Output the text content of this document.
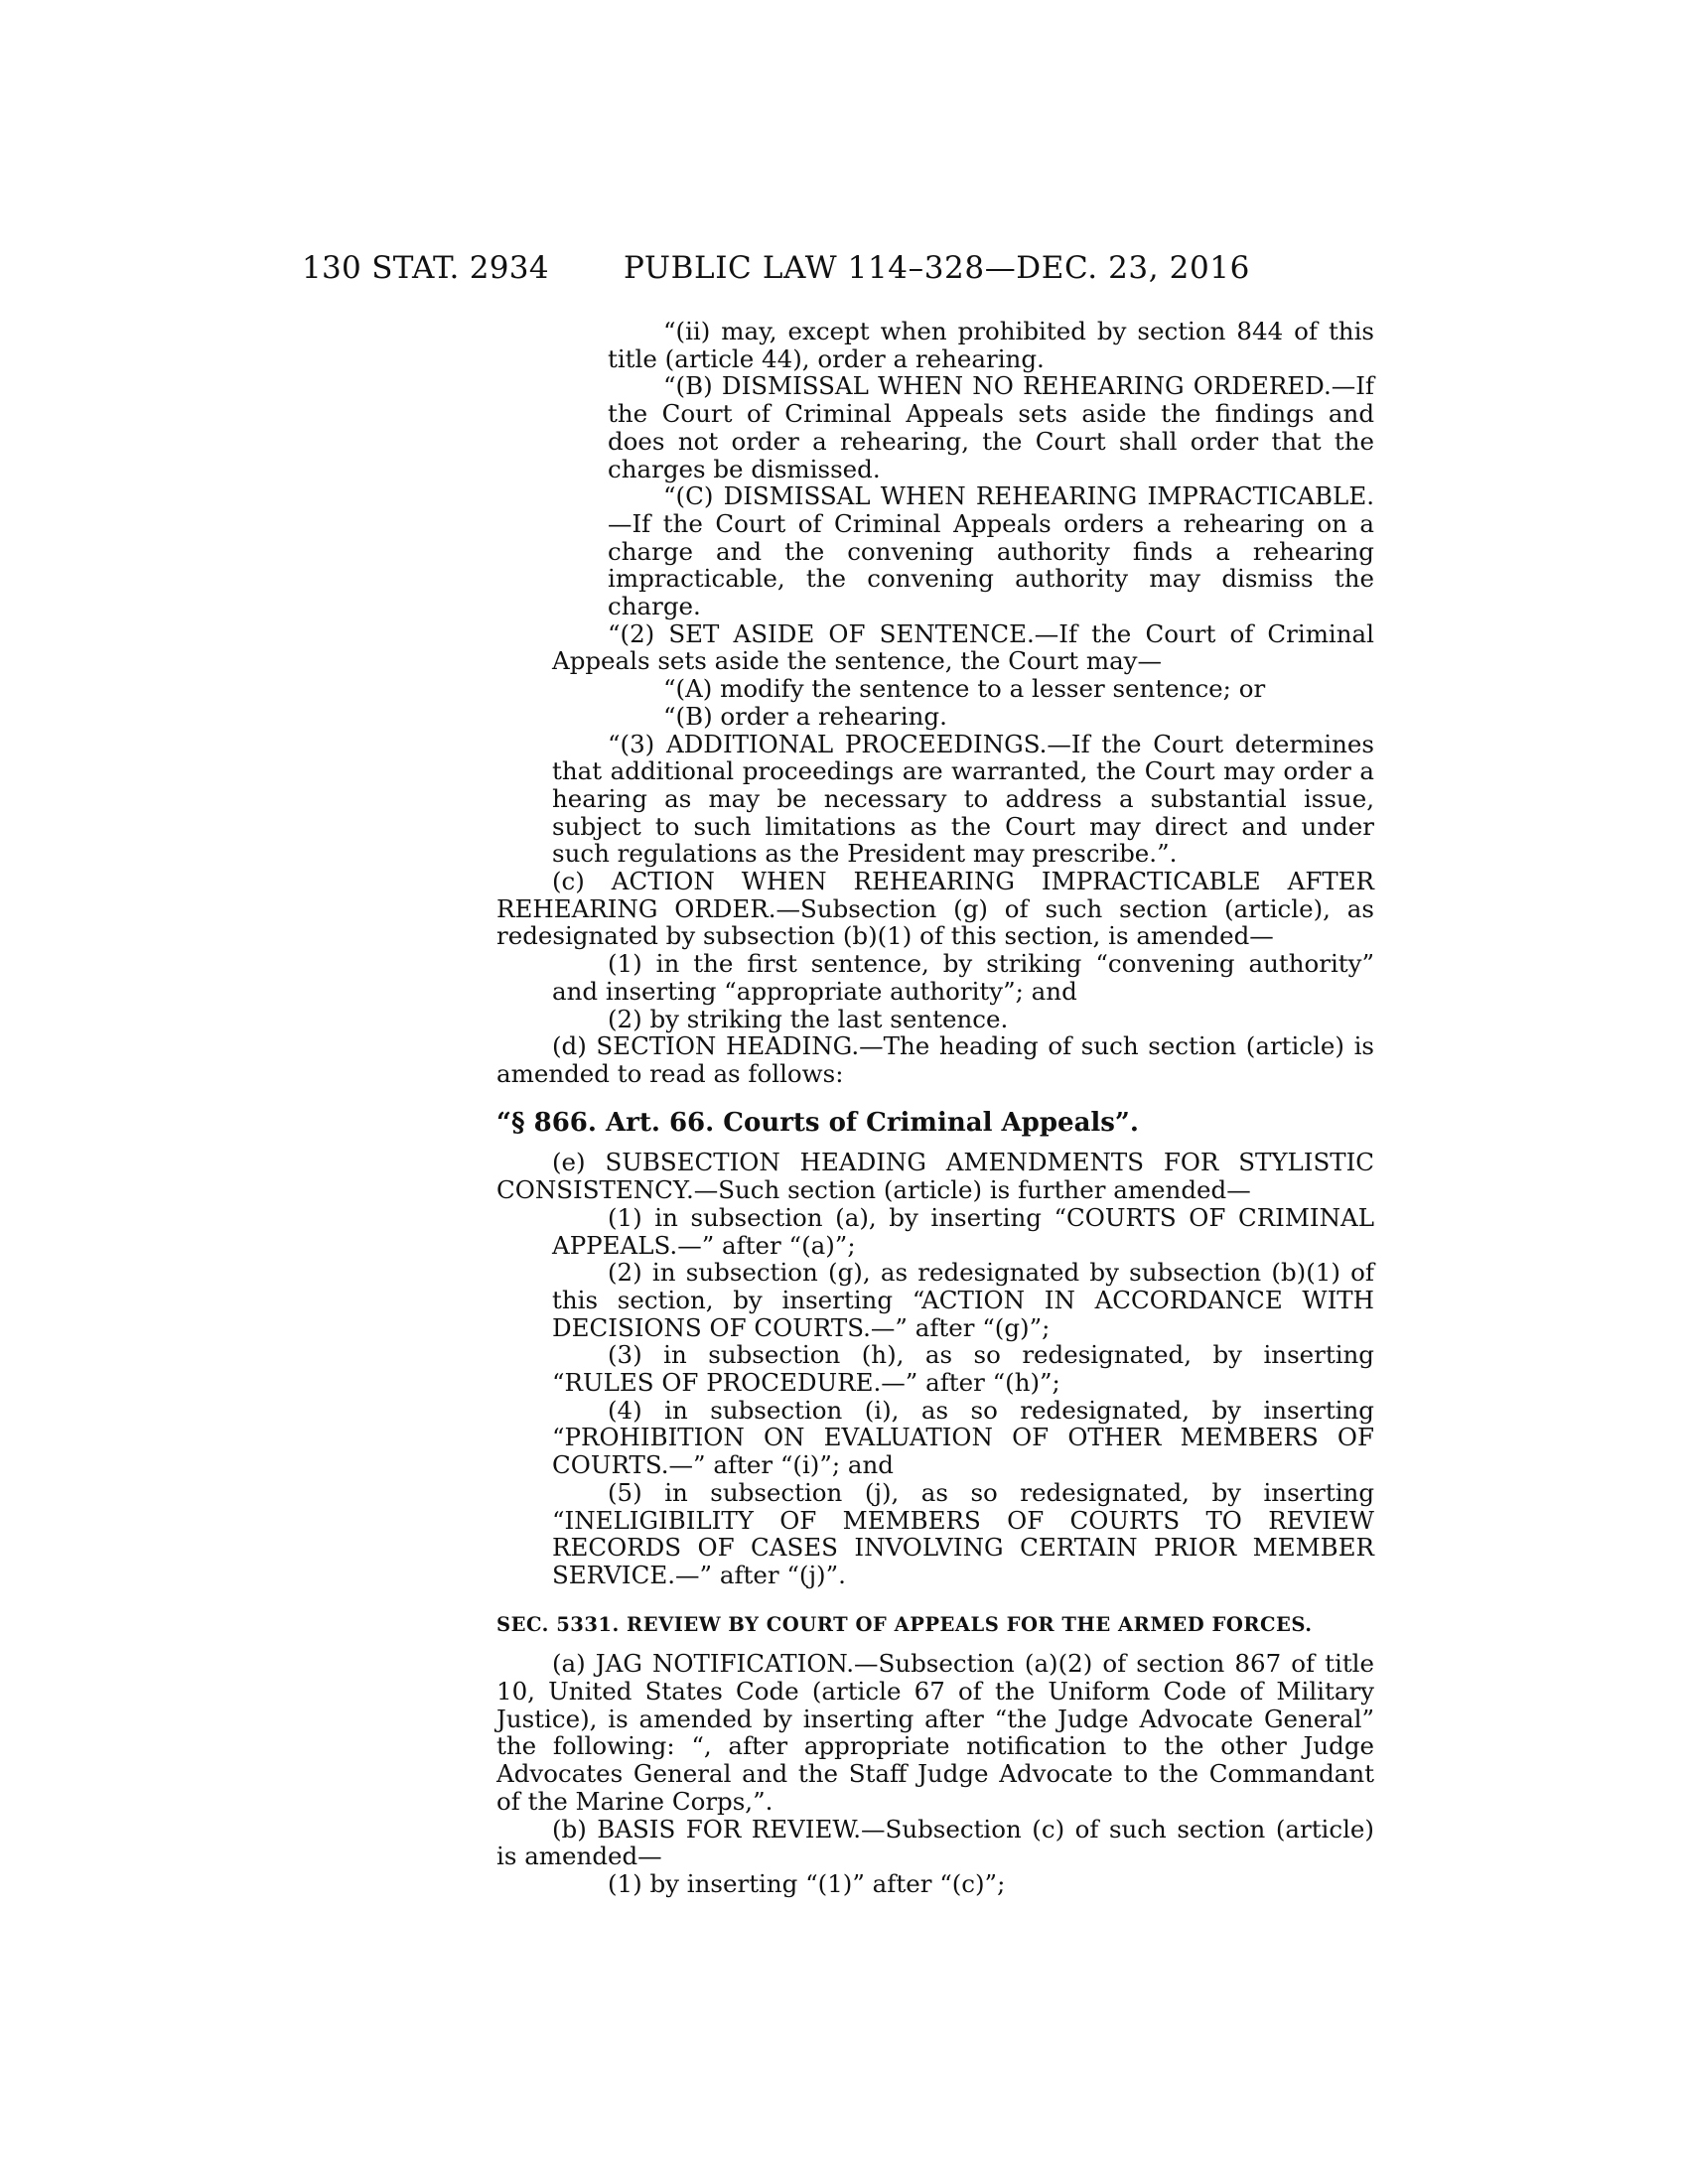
130 STAT. 2934 PUBLIC LAW 114–328—DEC. 23, 2016

“(ii) may, except when prohibited by section 844 of this title (article 44), order a rehearing.

“(B) DISMISSAL WHEN NO REHEARING ORDERED.—If the Court of Criminal Appeals sets aside the findings and does not order a rehearing, the Court shall order that the charges be dismissed.

“(C) DISMISSAL WHEN REHEARING IMPRACTICABLE.—If the Court of Criminal Appeals orders a rehearing on a charge and the convening authority finds a rehearing impracticable, the convening authority may dismiss the charge.

“(2) SET ASIDE OF SENTENCE.—If the Court of Criminal Appeals sets aside the sentence, the Court may—

“(A) modify the sentence to a lesser sentence; or

“(B) order a rehearing.

“(3) ADDITIONAL PROCEEDINGS.—If the Court determines that additional proceedings are warranted, the Court may order a hearing as may be necessary to address a substantial issue, subject to such limitations as the Court may direct and under such regulations as the President may prescribe.”.

(c) ACTION WHEN REHEARING IMPRACTICABLE AFTER REHEARING ORDER.—Subsection (g) of such section (article), as redesignated by subsection (b)(1) of this section, is amended—

(1) in the first sentence, by striking “convening authority” and inserting “appropriate authority”; and

(2) by striking the last sentence.

(d) SECTION HEADING.—The heading of such section (article) is amended to read as follows:

“§ 866. Art. 66. Courts of Criminal Appeals”.

(e) SUBSECTION HEADING AMENDMENTS FOR STYLISTIC CONSISTENCY.—Such section (article) is further amended—

(1) in subsection (a), by inserting “COURTS OF CRIMINAL APPEALS.—” after “(a)”;

(2) in subsection (g), as redesignated by subsection (b)(1) of this section, by inserting “ACTION IN ACCORDANCE WITH DECISIONS OF COURTS.—” after “(g)”;

(3) in subsection (h), as so redesignated, by inserting “RULES OF PROCEDURE.—” after “(h)”;

(4) in subsection (i), as so redesignated, by inserting “PROHIBITION ON EVALUATION OF OTHER MEMBERS OF COURTS.—” after “(i)”; and

(5) in subsection (j), as so redesignated, by inserting “INELIGIBILITY OF MEMBERS OF COURTS TO REVIEW RECORDS OF CASES INVOLVING CERTAIN PRIOR MEMBER SERVICE.—” after “(j)”.

SEC. 5331. REVIEW BY COURT OF APPEALS FOR THE ARMED FORCES.

(a) JAG NOTIFICATION.—Subsection (a)(2) of section 867 of title 10, United States Code (article 67 of the Uniform Code of Military Justice), is amended by inserting after “the Judge Advocate General” the following: “, after appropriate notification to the other Judge Advocates General and the Staff Judge Advocate to the Commandant of the Marine Corps,”.

(b) BASIS FOR REVIEW.—Subsection (c) of such section (article) is amended—

(1) by inserting “(1)” after “(c)”;
